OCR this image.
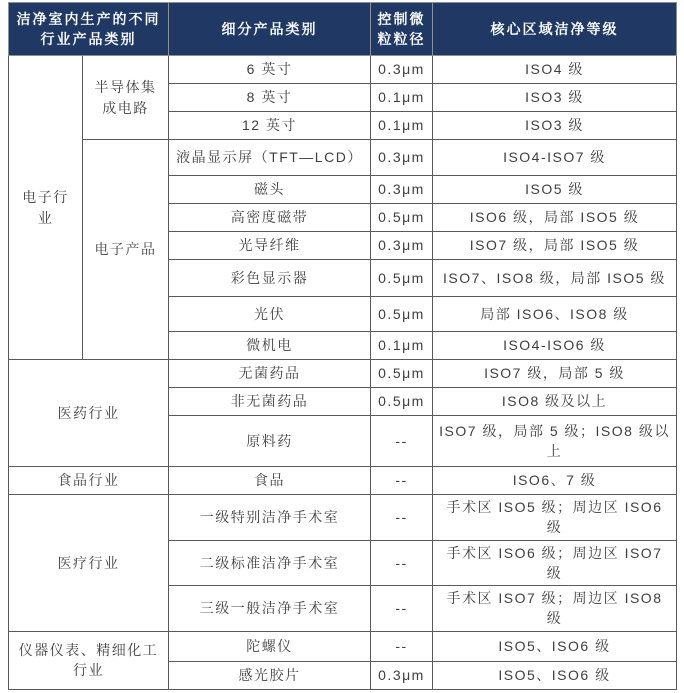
洁净室内生产的不同行业产品类别		细分产品类别	控制微粒粒径	核心区域洁净等级
电子行业	半导体集成电路	6 英寸	0.3μm	ISO4 级
		8 英寸	0.1μm	ISO3 级
		12 英寸	0.1μm	ISO3 级
	电子产品	液晶显示屏（TFT—LCD）	0.3μm	ISO4-ISO7 级
		磁头	0.3μm	ISO5 级
		高密度磁带	0.5μm	ISO6 级，局部 ISO5 级
		光导纤维	0.3μm	ISO7 级，局部 ISO5 级
		彩色显示器	0.5μm	ISO7、ISO8 级，局部 ISO5 级
		光伏	0.5μm	局部 ISO6、ISO8 级
		微机电	0.1μm	ISO4-ISO6 级
医药行业		无菌药品	0.5μm	ISO7 级，局部 5 级
		非无菌药品	0.5μm	ISO8 级及以上
		原料药	--	ISO7 级，局部 5 级；ISO8 级以上
食品行业		食品	--	ISO6、7 级
医疗行业		一级特别洁净手术室	--	手术区 ISO5 级；周边区 ISO6 级
		二级标准洁净手术室	--	手术区 ISO6 级；周边区 ISO7 级
		三级一般洁净手术室	--	手术区 ISO7 级；周边区 ISO8 级
仪器仪表、精细化工行业		陀螺仪	--	ISO5、ISO6 级
		感光胶片	0.3μm	ISO5、ISO6 级
